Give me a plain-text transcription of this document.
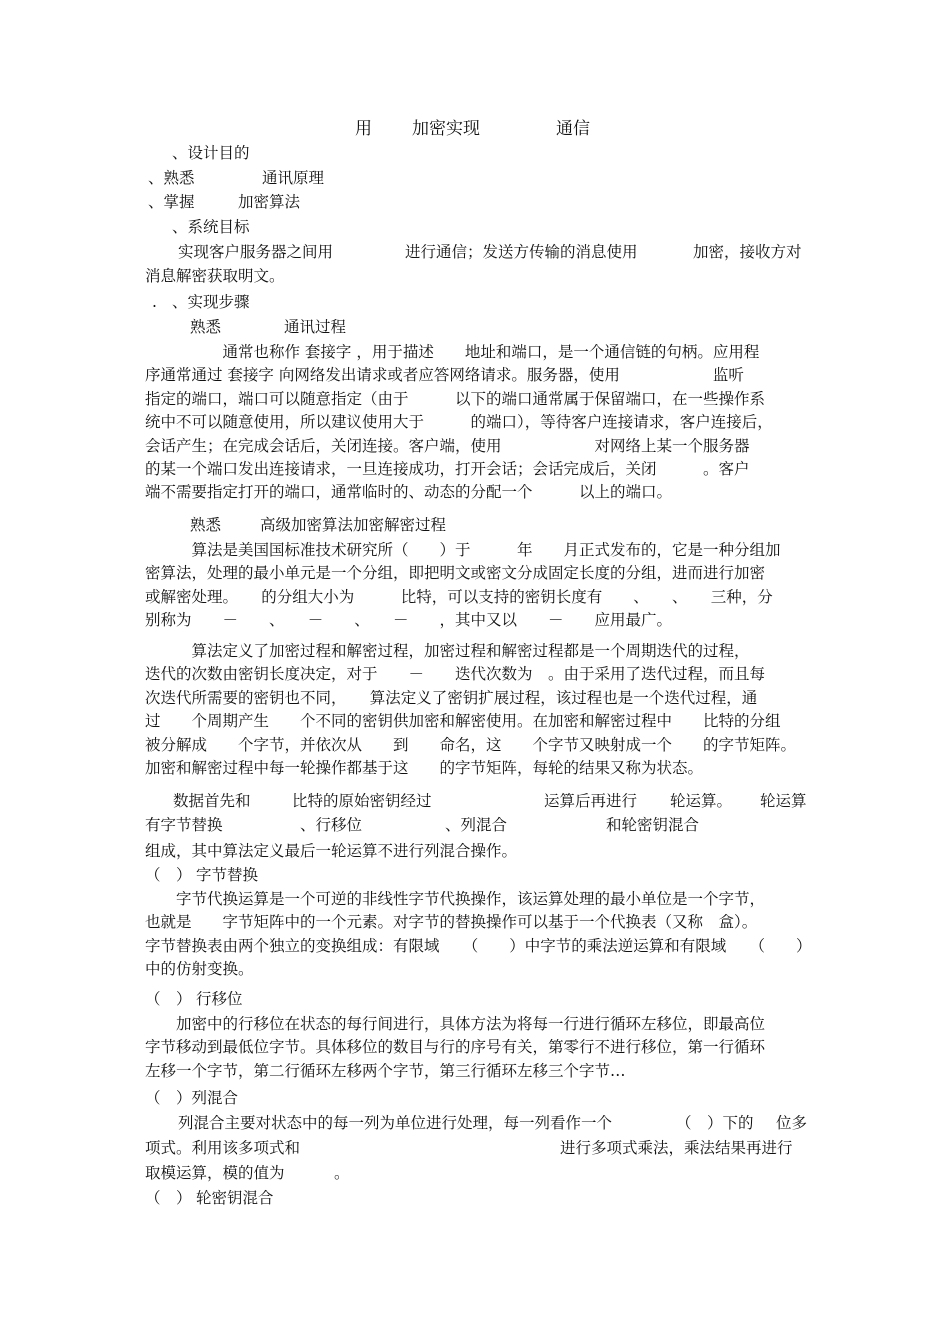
用 加密实现	通信
、设计目的
、熟悉	通讯原理
、掌握	加密算法
、系统目标
实现客户服务器之间用	进行通信；发送方传输的消息使用	加密，接收方对
消息解密获取明文。
. 、实现步骤
熟悉	通讯过程

　　　　　通常也称作 套接字 ，用于描述　　地址和端口，是一个通信链的句柄。应用程

序通常通过 套接字 向网络发出请求或者应答网络请求。服务器，使用　　　　　　监听

指定的端口，端口可以随意指定（由于　　　以下的端口通常属于保留端口，在一些操作系

统中不可以随意使用，所以建议使用大于　　　的端口），等待客户连接请求，客户连接后，

会话产生；在完成会话后，关闭连接。客户端，使用　　　　　　对网络上某一个服务器

的某一个端口发出连接请求，一旦连接成功，打开会话；会话完成后，关闭　　　。客户

端不需要指定打开的端口，通常临时的、动态的分配一个　　　以上的端口。

熟悉	高级加密算法加密解密过程

　　　算法是美国国标准技术研究所（　　）于　　　年　　月正式发布的，它是一种分组加

密算法，处理的最小单元是一个分组，即把明文或密文分成固定长度的分组，进而进行加密

或解密处理。　　的分组大小为　　　比特，可以支持的密钥长度有　　、　　、　　三种，分

别称为　　－　　、　　－　　、　　－　　，其中又以　　－　　应用最广。

　　　算法定义了加密过程和解密过程，加密过程和解密过程都是一个周期迭代的过程，

迭代的次数由密钥长度决定，对于　　－　　迭代次数为　。由于采用了迭代过程，而且每

次迭代所需要的密钥也不同，　　算法定义了密钥扩展过程，该过程也是一个迭代过程，通

过　　个周期产生　　个不同的密钥供加密和解密使用。在加密和解密过程中　　比特的分组

被分解成　　个字节，并依次从　　到　　命名，这　　个字节又映射成一个　　的字节矩阵。

加密和解密过程中每一轮操作都基于这　　的字节矩阵，每轮的结果又称为状态。

数据首先和	比特的原始密钥经过	运算后再进行 轮运算。 轮运算
有字节替换	、行移位	、列混合	和轮密钥混合
组成，其中算法定义最后一轮运算不进行列混合操作。
（　） 字节替换

　　字节代换运算是一个可逆的非线性字节代换操作，该运算处理的最小单位是一个字节，

也就是　　字节矩阵中的一个元素。对字节的替换操作可以基于一个代换表（又称　盒）。

字节替换表由两个独立的变换组成：有限域　　（　　）中字节的乘法逆运算和有限域　　（　　）

中的仿射变换。

（　） 行移位

　　加密中的行移位在状态的每行间进行，具体方法为将每一行进行循环左移位，即最高位

字节移动到最低位字节。具体移位的数目与行的序号有关，第零行不进行移位，第一行循环

左移一个字节，第二行循环左移两个字节，第三行循环左移三个字节…

（　）列混合
列混合主要对状态中的每一列为单位进行处理，每一列看作一个	（　）下的 位多
项式。利用该多项式和	进行多项式乘法，乘法结果再进行
取模运算，模的值为	。
（　） 轮密钥混合
